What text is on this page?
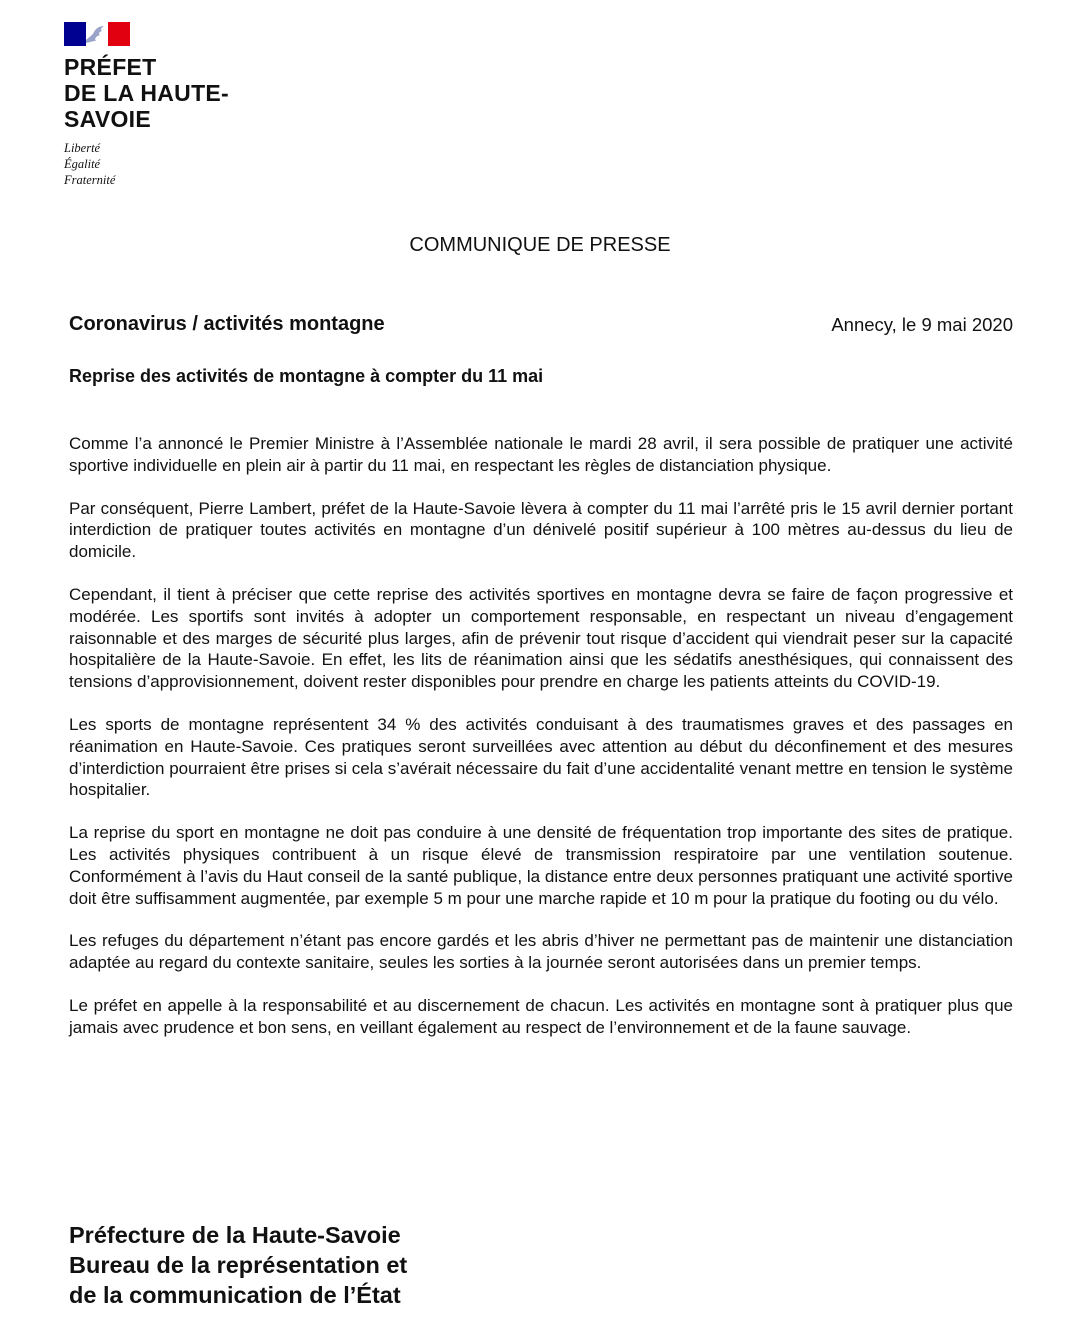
PRÉFET
DE LA HAUTE-
SAVOIE
Liberté
Égalité
Fraternité
COMMUNIQUE DE PRESSE
Coronavirus / activités montagne	Annecy, le 9 mai 2020
Reprise des activités de montagne à compter du 11 mai

Comme l’a annoncé le Premier Ministre à l’Assemblée nationale le mardi 28 avril, il sera possible de pratiquer une activité sportive individuelle en plein air à partir du 11 mai, en respectant les règles de distanciation physique.

Par conséquent, Pierre Lambert, préfet de la Haute-Savoie lèvera à compter du 11 mai l’arrêté pris le 15 avril dernier portant interdiction de pratiquer toutes activités en montagne d’un dénivelé positif supérieur à 100 mètres au-dessus du lieu de domicile.

Cependant, il tient à préciser que cette reprise des activités sportives en montagne devra se faire de façon progressive et modérée. Les sportifs sont invités à adopter un comportement responsable, en respectant un niveau d’engagement raisonnable et des marges de sécurité plus larges, afin de prévenir tout risque d’accident qui viendrait peser sur la capacité hospitalière de la Haute-Savoie. En effet, les lits de réanimation ainsi que les sédatifs anesthésiques, qui connaissent des tensions d’approvisionnement, doivent rester disponibles pour prendre en charge les patients atteints du COVID-19.

Les sports de montagne représentent 34 % des activités conduisant à des traumatismes graves et des passages en réanimation en Haute-Savoie. Ces pratiques seront surveillées avec attention au début du déconfinement et des mesures d’interdiction pourraient être prises si cela s’avérait nécessaire du fait d’une accidentalité venant mettre en tension le système hospitalier.

La reprise du sport en montagne ne doit pas conduire à une densité de fréquentation trop importante des sites de pratique. Les activités physiques contribuent à un risque élevé de transmission respiratoire par une ventilation soutenue. Conformément à l’avis du Haut conseil de la santé publique, la distance entre deux personnes pratiquant une activité sportive doit être suffisamment augmentée, par exemple 5 m pour une marche rapide et 10 m pour la pratique du footing ou du vélo.

Les refuges du département n’étant pas encore gardés et les abris d’hiver ne permettant pas de maintenir une distanciation adaptée au regard du contexte sanitaire, seules les sorties à la journée seront autorisées dans un premier temps.

Le préfet en appelle à la responsabilité et au discernement de chacun. Les activités en montagne sont à pratiquer plus que jamais avec prudence et bon sens, en veillant également au respect de l’environnement et de la faune sauvage.

Préfecture de la Haute-Savoie
Bureau de la représentation et
de la communication de l’État
